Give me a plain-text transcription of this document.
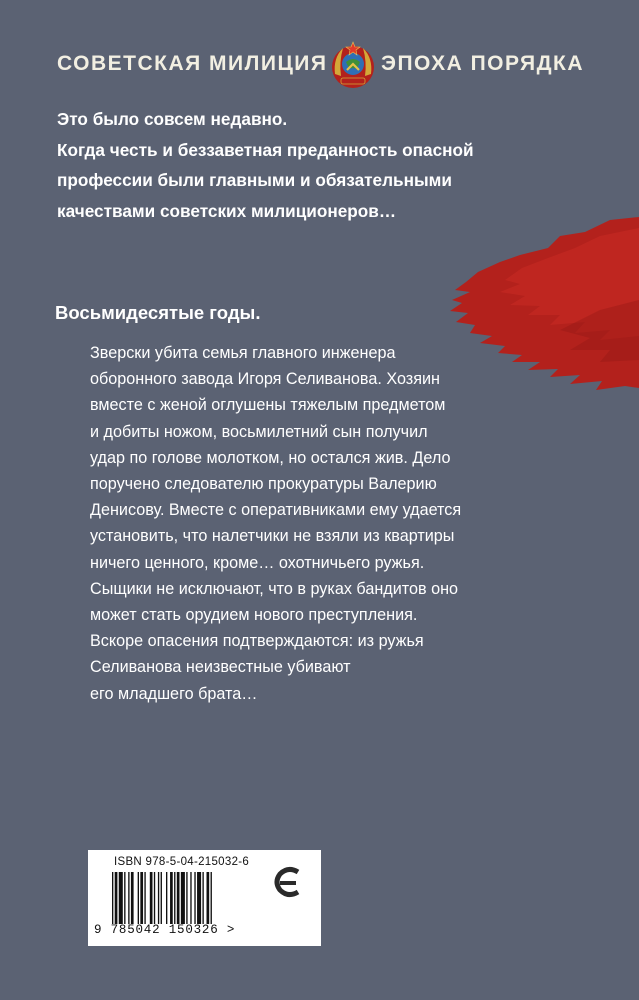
СОВЕТСКАЯ МИЛИЦИЯ	ЭПОХА ПОРЯДКА
Это было совсем недавно.
Когда честь и беззаветная преданность опасной
профессии были главными и обязательными
качествами советских милиционеров…
Восьмидесятые годы.
Зверски убита семья главного инженера
оборонного завода Игоря Селиванова. Хозяин
вместе с женой оглушены тяжелым предметом
и добиты ножом, восьмилетний сын получил
удар по голове молотком, но остался жив. Дело
поручено следователю прокуратуры Валерию
Денисову. Вместе с оперативниками ему удается
установить, что налетчики не взяли из квартиры
ничего ценного, кроме… охотничьего ружья.
Сыщики не исключают, что в руках бандитов оно
может стать орудием нового преступления.
Вскоре опасения подтверждаются: из ружья
Селиванова неизвестные убивают
его младшего брата…
ISBN 978-5-04-215032-6
9 785042 150326 >
ЭКСМО
